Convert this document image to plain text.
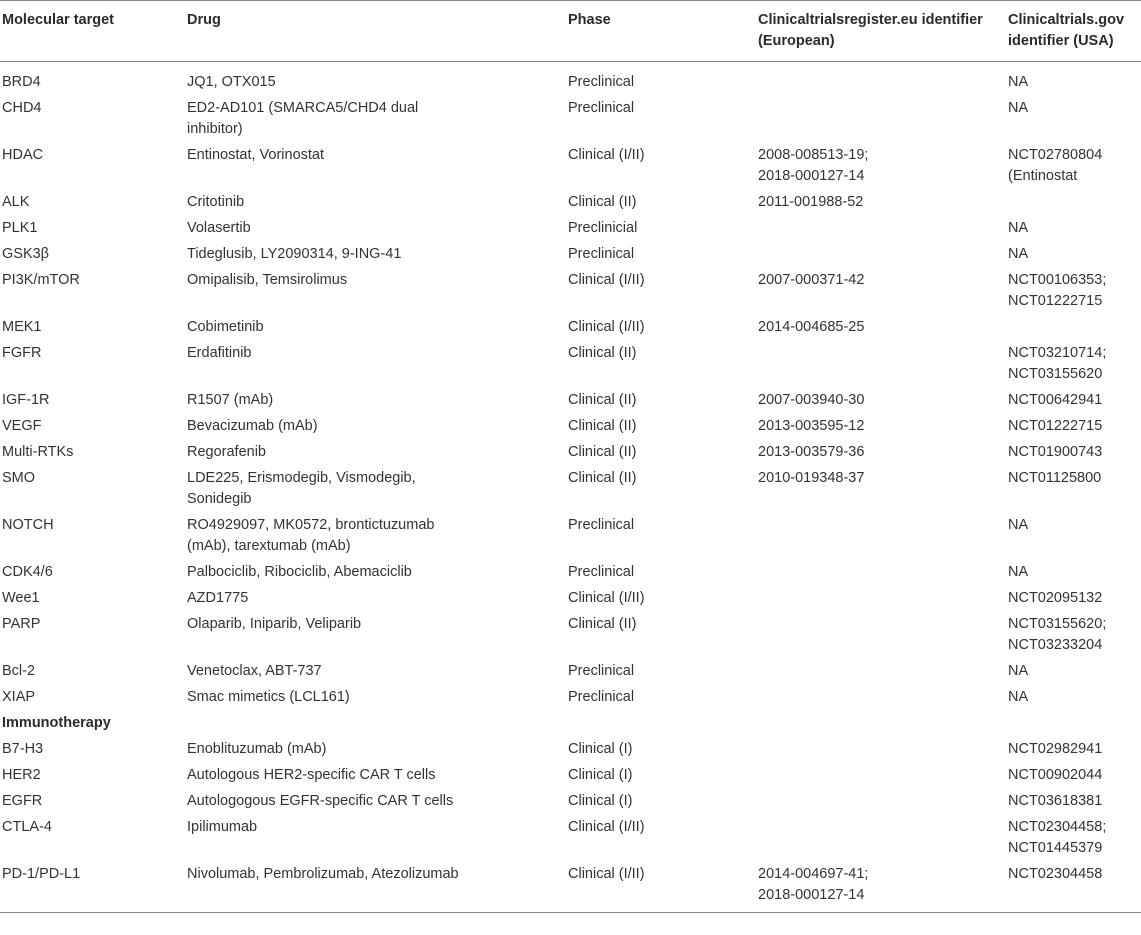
Molecular target	Drug	Phase	Clinicaltrialsregister.eu identifier (European)	Clinicaltrials.gov identifier (USA)

BRD4	JQ1, OTX015	Preclinical		NA

CHD4	ED2-AD101 (SMARCA5/CHD4 dual
inhibitor)	Preclinical		NA

HDAC	Entinostat, Vorinostat	Clinical (I/II)	2008-008513-19;
2018-000127-14	NCT02780804
(Entinostat

ALK	Critotinib	Clinical (II)	2011-001988-52	

PLK1	Volasertib	Preclinicial		NA

GSK3β	Tideglusib, LY2090314, 9-ING-41	Preclinical		NA

PI3K/mTOR	Omipalisib, Temsirolimus	Clinical (I/II)	2007-000371-42	NCT00106353;
NCT01222715

MEK1	Cobimetinib	Clinical (I/II)	2014-004685-25	

FGFR	Erdafitinib	Clinical (II)		NCT03210714;
NCT03155620

IGF-1R	R1507 (mAb)	Clinical (II)	2007-003940-30	NCT00642941

VEGF	Bevacizumab (mAb)	Clinical (II)	2013-003595-12	NCT01222715

Multi-RTKs	Regorafenib	Clinical (II)	2013-003579-36	NCT01900743

SMO	LDE225, Erismodegib, Vismodegib,
Sonidegib	Clinical (II)	2010-019348-37	NCT01125800

NOTCH	RO4929097, MK0572, brontictuzumab
(mAb), tarextumab (mAb)	Preclinical		NA

CDK4/6	Palbociclib, Ribociclib, Abemaciclib	Preclinical		NA

Wee1	AZD1775	Clinical (I/II)		NCT02095132

PARP	Olaparib, Iniparib, Veliparib	Clinical (II)		NCT03155620;
NCT03233204

Bcl-2	Venetoclax, ABT-737	Preclinical		NA

XIAP	Smac mimetics (LCL161)	Preclinical		NA

Immunotherapy				

B7-H3	Enoblituzumab (mAb)	Clinical (I)		NCT02982941

HER2	Autologous HER2-specific CAR T cells	Clinical (I)		NCT00902044

EGFR	Autologogous EGFR-specific CAR T cells	Clinical (I)		NCT03618381

CTLA-4	Ipilimumab	Clinical (I/II)		NCT02304458;
NCT01445379

PD-1/PD-L1	Nivolumab, Pembrolizumab, Atezolizumab	Clinical (I/II)	2014-004697-41;
2018-000127-14	NCT02304458
